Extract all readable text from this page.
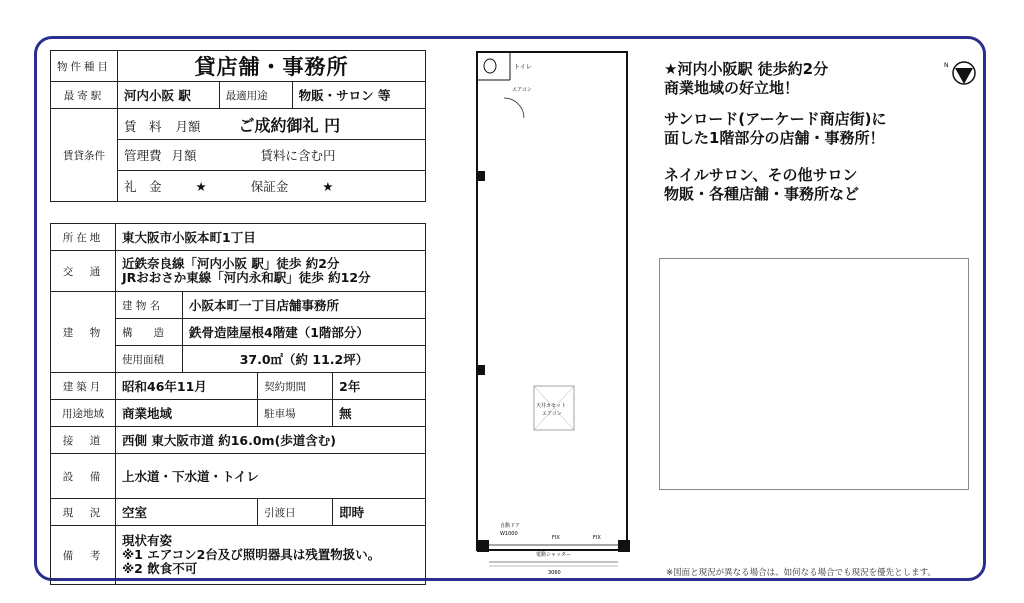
物件種目	貸店舗・事務所		
最寄駅	河内小阪 駅	最適用途	物販・サロン 等
賃貸条件	賃　料 月額 ご成約御礼 円		
	管理費 月額 賃料に含む円		
	礼　金 ★ 保証金 ★		
所在地	東大阪市小阪本町1丁目			
交　通	近鉄奈良線「河内小阪 駅」徒歩 約2分
JRおおさか東線「河内永和駅」徒歩 約12分			

建　物	建 物 名	小阪本町一丁目店舗事務所		
	構　　造	鉄骨造陸屋根4階建（1階部分）		
	使用面積	37.0㎡（約 11.2坪）		
建築月	昭和46年11月		契約期間	2年
用途地域	商業地域		駐車場	無
接　道	西側 東大阪市道 約16.0m(歩道含む)			
設　備	上水道・下水道・トイレ			
現　況	空室		引渡日	即時
備　考	現状有姿
※1 エアコン2台及び照明器具は残置物扱い。
※2 飲食不可			
トイレ
エアコン
天井カセット
エアコン
自動ドア
W1000
FIX	FIX
電動シャッター
3060
★河内小阪駅 徒歩約2分
商業地域の好立地！
サンロード(アーケード商店街)に
面した1階部分の店舗・事務所！
ネイルサロン、その他サロン
物販・各種店舗・事務所など
N
※図面と現況が異なる場合は、如何なる場合でも現況を優先とします。
